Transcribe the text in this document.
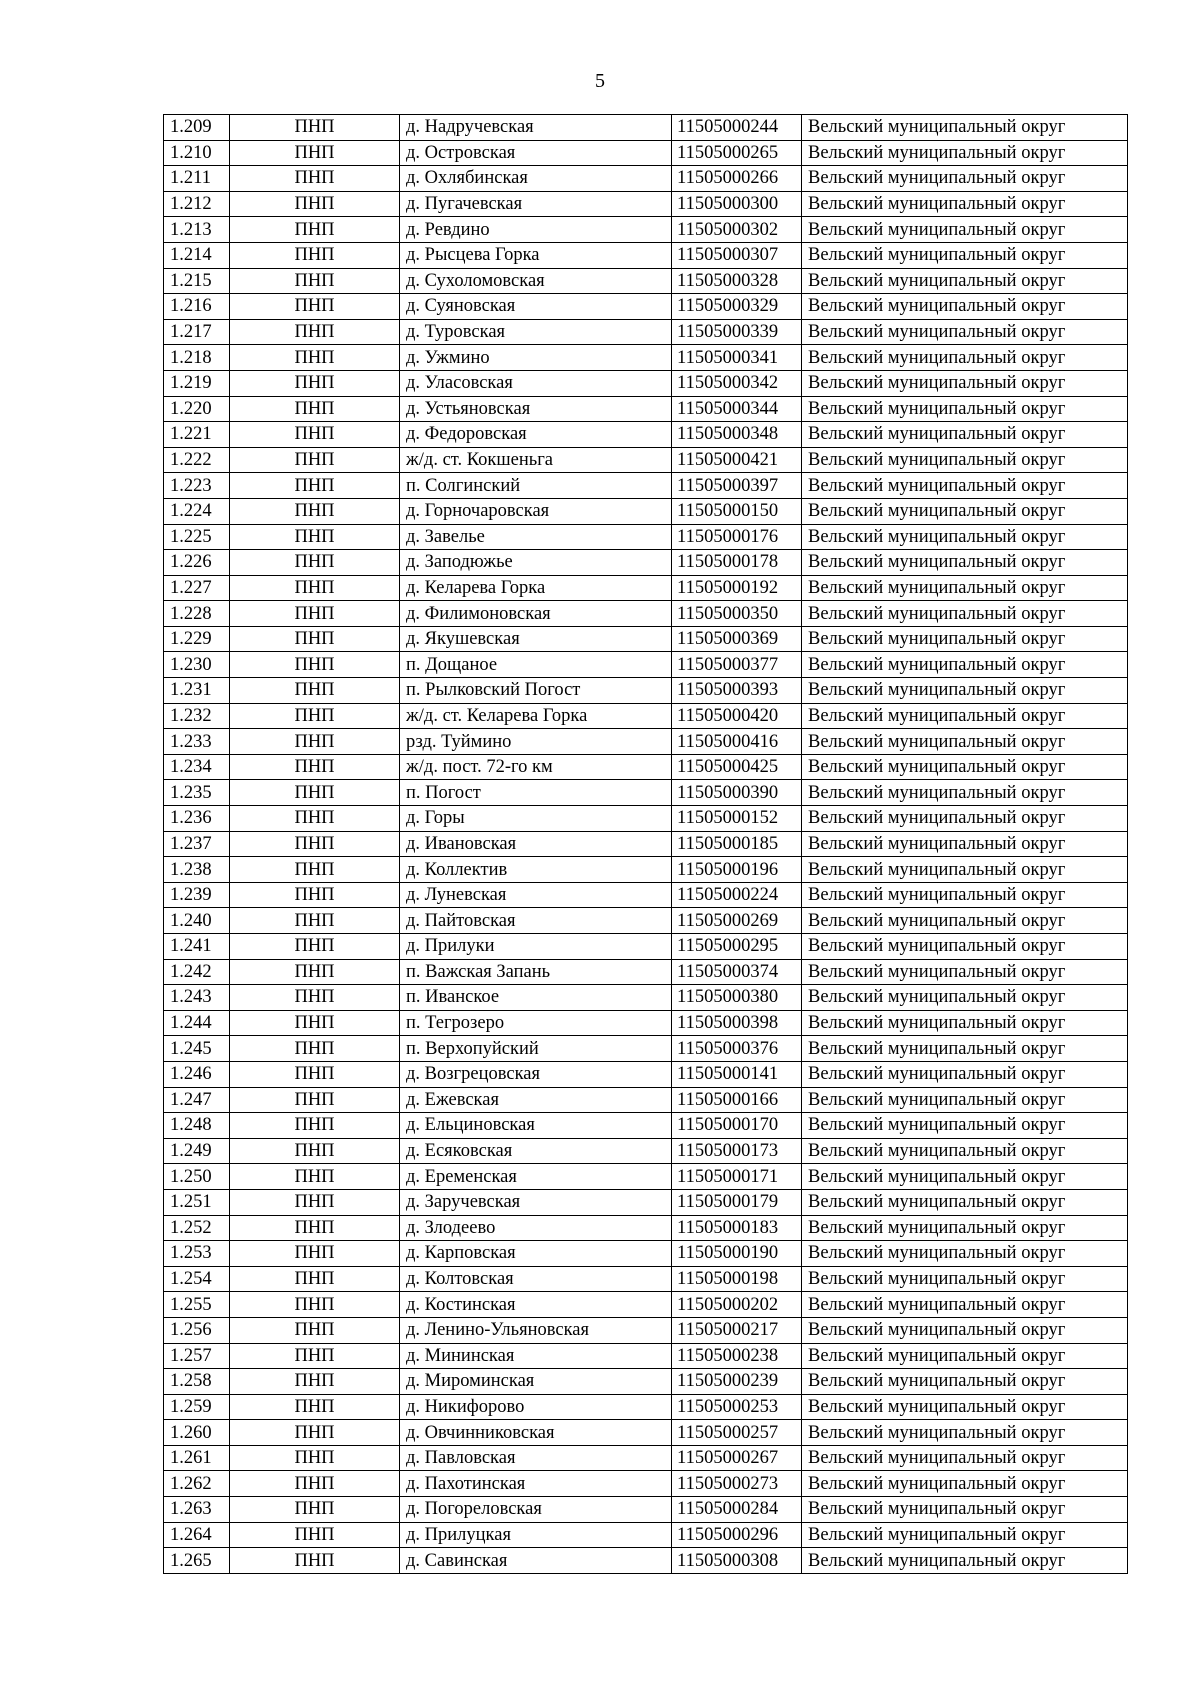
5
1.209	ПНП	д. Надручевская	11505000244	Вельский муниципальный округ
1.210	ПНП	д. Островская	11505000265	Вельский муниципальный округ
1.211	ПНП	д. Охлябинская	11505000266	Вельский муниципальный округ
1.212	ПНП	д. Пугачевская	11505000300	Вельский муниципальный округ
1.213	ПНП	д. Ревдино	11505000302	Вельский муниципальный округ
1.214	ПНП	д. Рысцева Горка	11505000307	Вельский муниципальный округ
1.215	ПНП	д. Сухоломовская	11505000328	Вельский муниципальный округ
1.216	ПНП	д. Суяновская	11505000329	Вельский муниципальный округ
1.217	ПНП	д. Туровская	11505000339	Вельский муниципальный округ
1.218	ПНП	д. Ужмино	11505000341	Вельский муниципальный округ
1.219	ПНП	д. Уласовская	11505000342	Вельский муниципальный округ
1.220	ПНП	д. Устьяновская	11505000344	Вельский муниципальный округ
1.221	ПНП	д. Федоровская	11505000348	Вельский муниципальный округ
1.222	ПНП	ж/д. ст. Кокшеньга	11505000421	Вельский муниципальный округ
1.223	ПНП	п. Солгинский	11505000397	Вельский муниципальный округ
1.224	ПНП	д. Горночаровская	11505000150	Вельский муниципальный округ
1.225	ПНП	д. Завелье	11505000176	Вельский муниципальный округ
1.226	ПНП	д. Заподюжье	11505000178	Вельский муниципальный округ
1.227	ПНП	д. Келарева Горка	11505000192	Вельский муниципальный округ
1.228	ПНП	д. Филимоновская	11505000350	Вельский муниципальный округ
1.229	ПНП	д. Якушевская	11505000369	Вельский муниципальный округ
1.230	ПНП	п. Дощаное	11505000377	Вельский муниципальный округ
1.231	ПНП	п. Рылковский Погост	11505000393	Вельский муниципальный округ
1.232	ПНП	ж/д. ст. Келарева Горка	11505000420	Вельский муниципальный округ
1.233	ПНП	рзд. Туймино	11505000416	Вельский муниципальный округ
1.234	ПНП	ж/д. пост. 72-го км	11505000425	Вельский муниципальный округ
1.235	ПНП	п. Погост	11505000390	Вельский муниципальный округ
1.236	ПНП	д. Горы	11505000152	Вельский муниципальный округ
1.237	ПНП	д. Ивановская	11505000185	Вельский муниципальный округ
1.238	ПНП	д. Коллектив	11505000196	Вельский муниципальный округ
1.239	ПНП	д. Луневская	11505000224	Вельский муниципальный округ
1.240	ПНП	д. Пайтовская	11505000269	Вельский муниципальный округ
1.241	ПНП	д. Прилуки	11505000295	Вельский муниципальный округ
1.242	ПНП	п. Важская Запань	11505000374	Вельский муниципальный округ
1.243	ПНП	п. Иванское	11505000380	Вельский муниципальный округ
1.244	ПНП	п. Тегрозеро	11505000398	Вельский муниципальный округ
1.245	ПНП	п. Верхопуйский	11505000376	Вельский муниципальный округ
1.246	ПНП	д. Возгрецовская	11505000141	Вельский муниципальный округ
1.247	ПНП	д. Ежевская	11505000166	Вельский муниципальный округ
1.248	ПНП	д. Ельциновская	11505000170	Вельский муниципальный округ
1.249	ПНП	д. Есяковская	11505000173	Вельский муниципальный округ
1.250	ПНП	д. Еременская	11505000171	Вельский муниципальный округ
1.251	ПНП	д. Заручевская	11505000179	Вельский муниципальный округ
1.252	ПНП	д. Злодеево	11505000183	Вельский муниципальный округ
1.253	ПНП	д. Карповская	11505000190	Вельский муниципальный округ
1.254	ПНП	д. Колтовская	11505000198	Вельский муниципальный округ
1.255	ПНП	д. Костинская	11505000202	Вельский муниципальный округ
1.256	ПНП	д. Ленино-Ульяновская	11505000217	Вельский муниципальный округ
1.257	ПНП	д. Мининская	11505000238	Вельский муниципальный округ
1.258	ПНП	д. Мироминская	11505000239	Вельский муниципальный округ
1.259	ПНП	д. Никифорово	11505000253	Вельский муниципальный округ
1.260	ПНП	д. Овчинниковская	11505000257	Вельский муниципальный округ
1.261	ПНП	д. Павловская	11505000267	Вельский муниципальный округ
1.262	ПНП	д. Пахотинская	11505000273	Вельский муниципальный округ
1.263	ПНП	д. Погореловская	11505000284	Вельский муниципальный округ
1.264	ПНП	д. Прилуцкая	11505000296	Вельский муниципальный округ
1.265	ПНП	д. Савинская	11505000308	Вельский муниципальный округ
